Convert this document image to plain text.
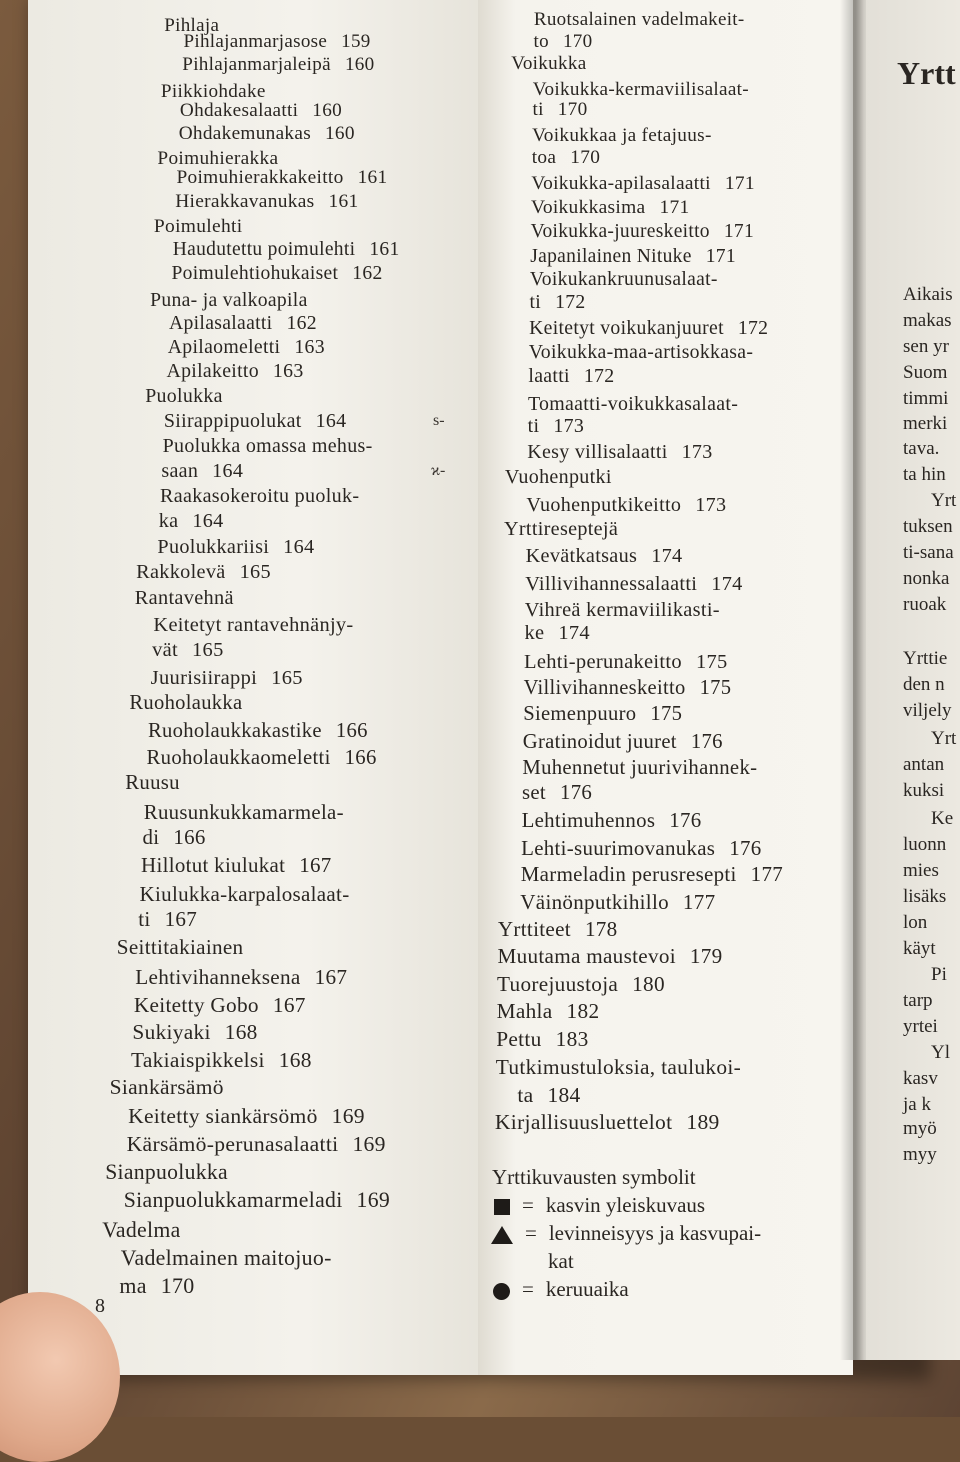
Pihlaja
Pihlajanmarjasose 159
Pihlajanmarjaleipä 160
Piikkiohdake
Ohdakesalaatti 160
Ohdakemunakas 160
Poimuhierakka
Poimuhierakkakeitto 161
Hierakkavanukas 161
Poimulehti
Haudutettu poimulehti 161
Poimulehtiohukaiset 162
Puna- ja valkoapila
Apilasalaatti 162
Apilaomeletti 163
Apilakeitto 163
Puolukka
Siirappipuolukat 164
Puolukka omassa mehus-
saan 164
Raakasokeroitu puoluk-
ka 164
Puolukkariisi 164
Rakkolevä 165
Rantavehnä
Keitetyt rantavehnänjy-
vät 165
Juurisiirappi 165
Ruoholaukka
Ruoholaukkakastike 166
Ruoholaukkaomeletti 166
Ruusu
Ruusunkukkamarmela-
di 166
Hillotut kiulukat 167
Kiulukka-karpalosalaat-
ti 167
Seittitakiainen
Lehtivihanneksena 167
Keitetty Gobo 167
Sukiyaki 168
Takiaispikkelsi 168
Siankärsämö
Keitetty siankärsömö 169
Kärsämö-perunasalaatti 169
Sianpuolukka
Sianpuolukkamarmeladi 169
Vadelma
Vadelmainen maitojuo-
ma 170
Ruotsalainen vadelmakeit-
to 170
Voikukka
Voikukka-kermaviilisalaat-
ti 170
Voikukkaa ja fetajuus-
toa 170
Voikukka-apilasalaatti 171
Voikukkasima 171
Voikukka-juureskeitto 171
Japanilainen Nituke 171
Voikukankruunusalaat-
ti 172
Keitetyt voikukanjuuret 172
Voikukka-maa-artisokkasa-
laatti 172
Tomaatti-voikukkasalaat-
ti 173
Kesy villisalaatti 173
Vuohenputki
Vuohenputkikeitto 173
Yrttireseptejä
Kevätkatsaus 174
Villivihannessalaatti 174
Vihreä kermaviilikasti-
ke 174
Lehti-perunakeitto 175
Villivihanneskeitto 175
Siemenpuuro 175
Gratinoidut juuret 176
Muhennetut juurivihannek-
set 176
Lehtimuhennos 176
Lehti-suurimovanukas 176
Marmeladin perusresepti 177
Väinönputkihillo 177
Yrttiteet 178
Muutama maustevoi 179
Tuorejuustoja 180
Mahla 182
Pettu 183
Tutkimustuloksia, taulukoi-
ta 184
Kirjallisuusluettelot 189
s-
ϰ-
Yrttikuvausten symbolit
= kasvin yleiskuvaus
= levinneisyys ja kasvupai-
kat
= keruuaika
8
Yrtt
Aikais
makas
sen yr
Suom
timmi
merki
tava.
ta hin
Yrt
tuksen
ti-sana
nonka
ruoak
Yrttie
den n
viljely
Yrt
antan
kuksi
Ke
luonn
mies
lisäks
lon
käyt
Pi
tarp
yrtei
Yl
kasv
ja k
myö
myy
